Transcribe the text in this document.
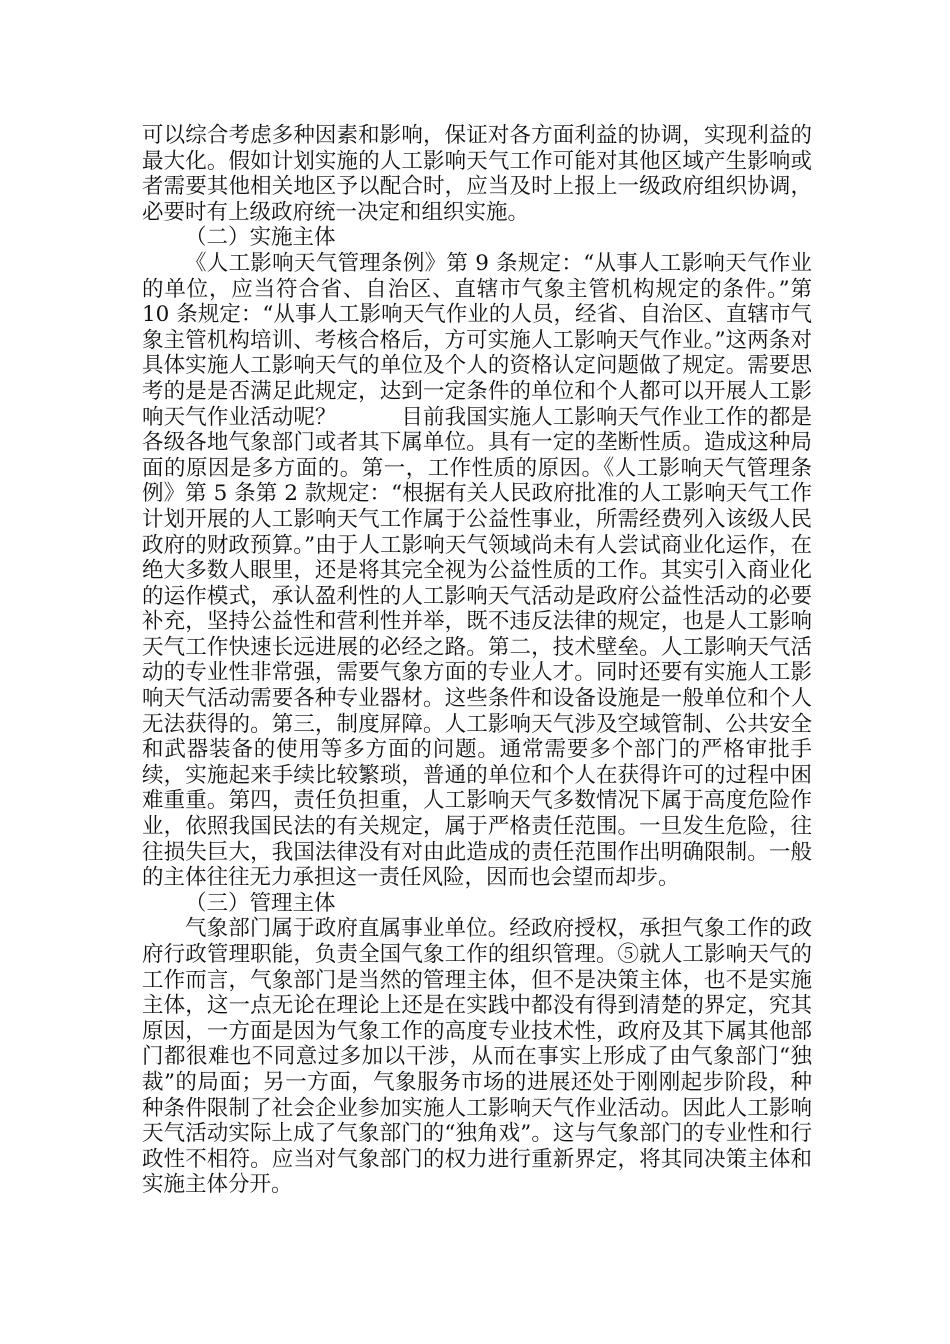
可以综合考虑多种因素和影响，保证对各方面利益的协调，实现利益的最大化。假如计划实施的人工影响天气工作可能对其他区域产生影响或者需要其他相关地区予以配合时，应当及时上报上一级政府组织协调，必要时有上级政府统一决定和组织实施。

（二）实施主体

《人工影响天气管理条例》第 9 条规定：“从事人工影响天气作业的单位，应当符合省、自治区、直辖市气象主管机构规定的条件。”第 10 条规定：“从事人工影响天气作业的人员，经省、自治区、直辖市气象主管机构培训、考核合格后，方可实施人工影响天气作业。”这两条对具体实施人工影响天气的单位及个人的资格认定问题做了规定。需要思考的是是否满足此规定，达到一定条件的单位和个人都可以开展人工影响天气作业活动呢？　　　目前我国实施人工影响天气作业工作的都是各级各地气象部门或者其下属单位。具有一定的垄断性质。造成这种局面的原因是多方面的。第一，工作性质的原因。《人工影响天气管理条例》第 5 条第 2 款规定：“根据有关人民政府批准的人工影响天气工作计划开展的人工影响天气工作属于公益性事业，所需经费列入该级人民政府的财政预算。”由于人工影响天气领域尚未有人尝试商业化运作，在绝大多数人眼里，还是将其完全视为公益性质的工作。其实引入商业化的运作模式，承认盈利性的人工影响天气活动是政府公益性活动的必要补充，坚持公益性和营利性并举，既不违反法律的规定，也是人工影响天气工作快速长远进展的必经之路。第二，技术壁垒。人工影响天气活动的专业性非常强，需要气象方面的专业人才。同时还要有实施人工影响天气活动需要各种专业器材。这些条件和设备设施是一般单位和个人无法获得的。第三，制度屏障。人工影响天气涉及空域管制、公共安全和武器装备的使用等多方面的问题。通常需要多个部门的严格审批手续，实施起来手续比较繁琐，普通的单位和个人在获得许可的过程中困难重重。第四，责任负担重，人工影响天气多数情况下属于高度危险作业，依照我国民法的有关规定，属于严格责任范围。一旦发生危险，往往损失巨大，我国法律没有对由此造成的责任范围作出明确限制。一般的主体往往无力承担这一责任风险，因而也会望而却步。

（三）管理主体

气象部门属于政府直属事业单位。经政府授权，承担气象工作的政府行政管理职能，负责全国气象工作的组织管理。⑤就人工影响天气的工作而言，气象部门是当然的管理主体，但不是决策主体，也不是实施主体，这一点无论在理论上还是在实践中都没有得到清楚的界定，究其原因，一方面是因为气象工作的高度专业技术性，政府及其下属其他部门都很难也不同意过多加以干涉，从而在事实上形成了由气象部门“独裁”的局面；另一方面，气象服务市场的进展还处于刚刚起步阶段，种种条件限制了社会企业参加实施人工影响天气作业活动。因此人工影响天气活动实际上成了气象部门的“独角戏”。这与气象部门的专业性和行政性不相符。应当对气象部门的权力进行重新界定，将其同决策主体和实施主体分开。
